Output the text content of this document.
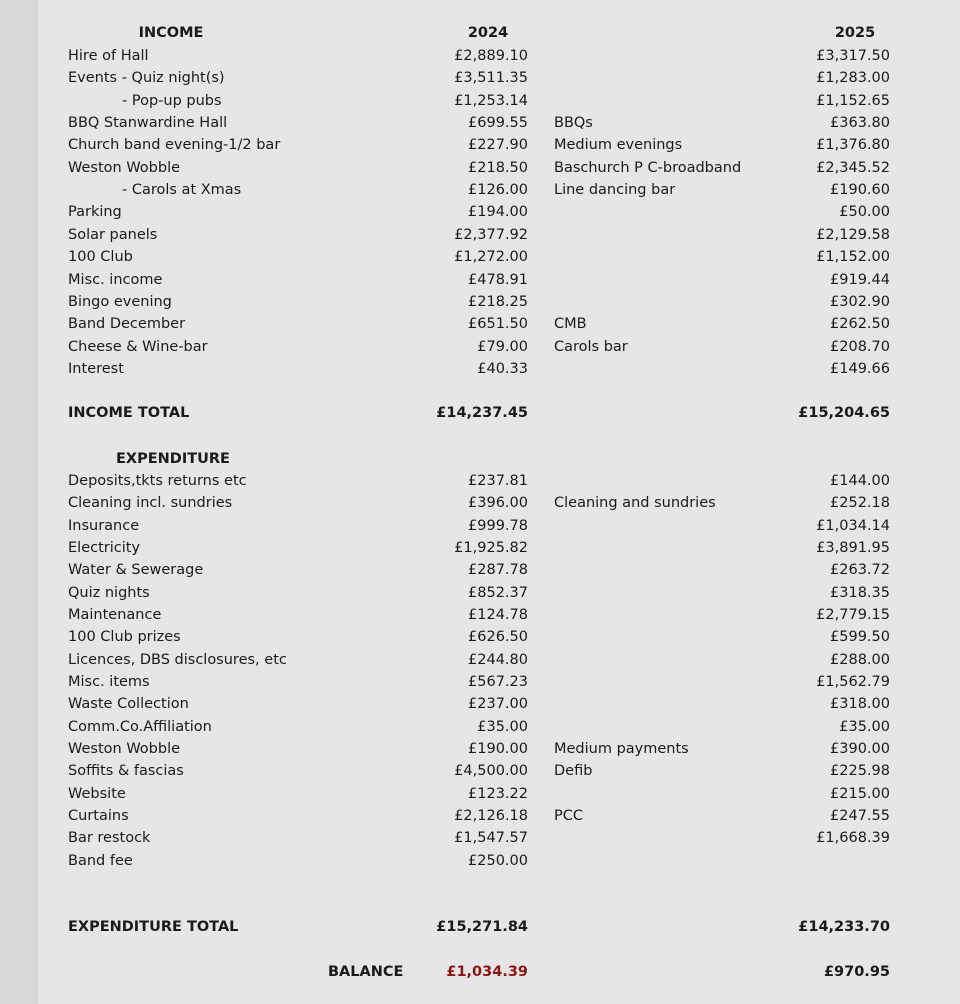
INCOME	2024	2025
Hire of Hall	£2,889.10	£3,317.50
Events - Quiz night(s)	£3,511.35	£1,283.00
- Pop-up pubs	£1,253.14	£1,152.65
BBQ Stanwardine Hall	£699.55 BBQs	£363.80
Church band evening-1/2 bar	£227.90 Medium evenings	£1,376.80
Weston Wobble	£218.50 Baschurch P C-broadband	£2,345.52
- Carols at Xmas	£126.00 Line dancing bar	£190.60
Parking	£194.00	£50.00
Solar panels	£2,377.92	£2,129.58
100 Club	£1,272.00	£1,152.00
Misc. income	£478.91	£919.44
Bingo evening	£218.25	£302.90
Band December	£651.50 CMB	£262.50
Cheese & Wine-bar	£79.00 Carols bar	£208.70
Interest	£40.33	£149.66
INCOME TOTAL	£14,237.45	£15,204.65
EXPENDITURE
Deposits,tkts returns etc	£237.81	£144.00
Cleaning incl. sundries	£396.00 Cleaning and sundries	£252.18
Insurance	£999.78	£1,034.14
Electricity	£1,925.82	£3,891.95
Water & Sewerage	£287.78	£263.72
Quiz nights	£852.37	£318.35
Maintenance	£124.78	£2,779.15
100 Club prizes	£626.50	£599.50
Licences, DBS disclosures, etc	£244.80	£288.00
Misc. items	£567.23	£1,562.79
Waste Collection	£237.00	£318.00
Comm.Co.Affiliation	£35.00	£35.00
Weston Wobble	£190.00 Medium payments	£390.00
Soffits & fascias	£4,500.00 Defib	£225.98
Website	£123.22	£215.00
Curtains	£2,126.18 PCC	£247.55
Bar restock	£1,547.57	£1,668.39
Band fee	£250.00
EXPENDITURE TOTAL	£15,271.84	£14,233.70
BALANCE	£1,034.39	£970.95
